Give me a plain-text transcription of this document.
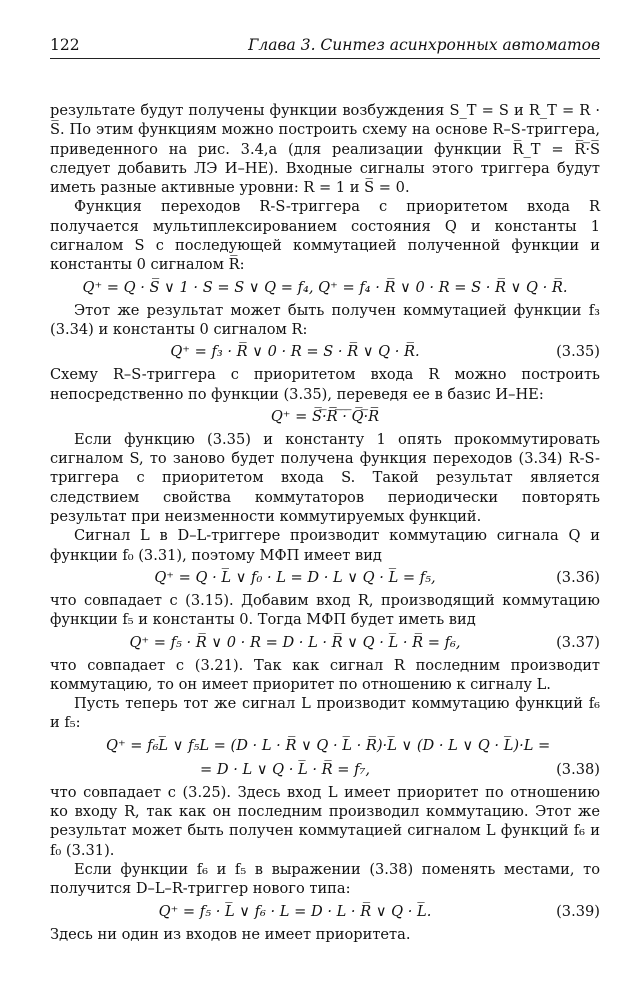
122	Глава 3. Синтез асинхронных автоматов

результате будут получены функции возбуждения S_T = S и R_T = R · S̅. По этим функциям можно построить схему на основе R–S-триггера, приведенного на рис. 3.4,а (для реализации функции R̅_T = R̅·̅S̅ следует добавить ЛЭ И–НЕ). Входные сигналы этого триггера будут иметь разные активные уровни: R = 1 и S̅ = 0.

Функция переходов R-S-триггера с приоритетом входа R получается мультиплексированием состояния Q и константы 1 сигналом S с последующей коммутацией полученной функции и константы 0 сигналом R̅:

Q⁺ = Q · S̅ ∨ 1 · S = S ∨ Q = f₄, Q⁺ = f₄ · R̅ ∨ 0 · R = S · R̅ ∨ Q · R̅.

Этот же результат может быть получен коммутацией функции f₃ (3.34) и константы 0 сигналом R:

Q⁺ = f₃ · R̅ ∨ 0 · R = S · R̅ ∨ Q · R̅.	(3.35)

Схему R–S-триггера с приоритетом входа R можно построить непосредственно по функции (3.35), переведя ее в базис И–НЕ:

Q⁺ = S̅·̅R̅̅ ̅·̅ ̅Q̅·̅R̅̅

Если функцию (3.35) и константу 1 опять прокоммутировать сигналом S, то заново будет получена функция переходов (3.34) R-S-триггера с приоритетом входа S. Такой результат является следствием свойства коммутаторов периодически повторять результат при неизменности коммутируемых функций.

Сигнал L в D–L-триггере производит коммутацию сигнала Q и функции f₀ (3.31), поэтому МФП имеет вид

Q⁺ = Q · L̅ ∨ f₀ · L = D · L ∨ Q · L̅ = f₅,	(3.36)

что совпадает с (3.15). Добавим вход R, производящий коммутацию функции f₅ и константы 0. Тогда МФП будет иметь вид

Q⁺ = f₅ · R̅ ∨ 0 · R = D · L · R̅ ∨ Q · L̅ · R̅ = f₆,	(3.37)

что совпадает с (3.21). Так как сигнал R последним производит коммутацию, то он имеет приоритет по отношению к сигналу L.

Пусть теперь тот же сигнал L производит коммутацию функций f₆ и f₅:

Q⁺ = f₆L̅ ∨ f₅L = (D · L · R̅ ∨ Q · L̅ · R̅)·L̅ ∨ (D · L ∨ Q · L̅)·L =
= D · L ∨ Q · L̅ · R̅ = f₇,	(3.38)

что совпадает с (3.25). Здесь вход L имеет приоритет по отношению ко входу R, так как он последним производил коммутацию. Этот же результат может быть получен коммутацией сигналом L функций f₆ и f₀ (3.31).

Если функции f₆ и f₅ в выражении (3.38) поменять местами, то получится D–L–R-триггер нового типа:

Q⁺ = f₅ · L̅ ∨ f₆ · L = D · L · R̅ ∨ Q · L̅.	(3.39)

Здесь ни один из входов не имеет приоритета.
